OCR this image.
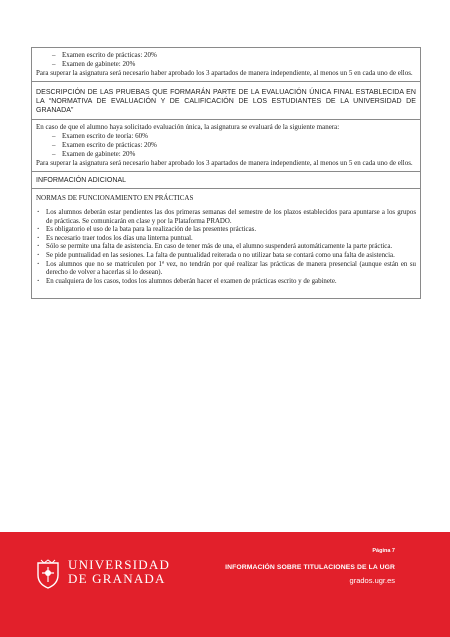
– Examen escrito de prácticas: 20%
– Examen de gabinete: 20%

Para superar la asignatura será necesario haber aprobado los 3 apartados de manera independiente, al menos un 5 en cada uno de ellos.

DESCRIPCIÓN DE LAS PRUEBAS QUE FORMARÁN PARTE DE LA EVALUACIÓN ÚNICA FINAL ESTABLECIDA EN LA “NORMATIVA DE EVALUACIÓN Y DE CALIFICACIÓN DE LOS ESTUDIANTES DE LA UNIVERSIDAD DE GRANADA”

En caso de que el alumno haya solicitado evaluación única, la asignatura se evaluará de la siguiente manera:

– Examen escrito de teoría: 60%
– Examen escrito de prácticas: 20%
– Examen de gabinete: 20%

Para superar la asignatura será necesario haber aprobado los 3 apartados de manera independiente, al menos un 5 en cada uno de ellos.

INFORMACIÓN ADICIONAL

NORMAS DE FUNCIONAMIENTO EN PRÁCTICAS

· Los alumnos deberán estar pendientes las dos primeras semanas del semestre de los plazos establecidos para apuntarse a los grupos de prácticas. Se comunicarán en clase y por la Plataforma PRADO.
· Es obligatorio el uso de la bata para la realización de las presentes prácticas.
· Es necesario traer todos los días una linterna puntual.
· Sólo se permite una falta de asistencia. En caso de tener más de una, el alumno suspenderá automáticamente la parte práctica.
· Se pide puntualidad en las sesiones. La falta de puntualidad reiterada o no utilizar bata se contará como una falta de asistencia.
· Los alumnos que no se matriculen por 1ª vez, no tendrán por qué realizar las prácticas de manera presencial (aunque están en su derecho de volver a hacerlas si lo desean).
· En cualquiera de los casos, todos los alumnos deberán hacer el examen de prácticas escrito y de gabinete.
UNIVERSIDAD
DE GRANADA
Página 7
INFORMACIÓN SOBRE TITULACIONES DE LA UGR
grados.ugr.es
